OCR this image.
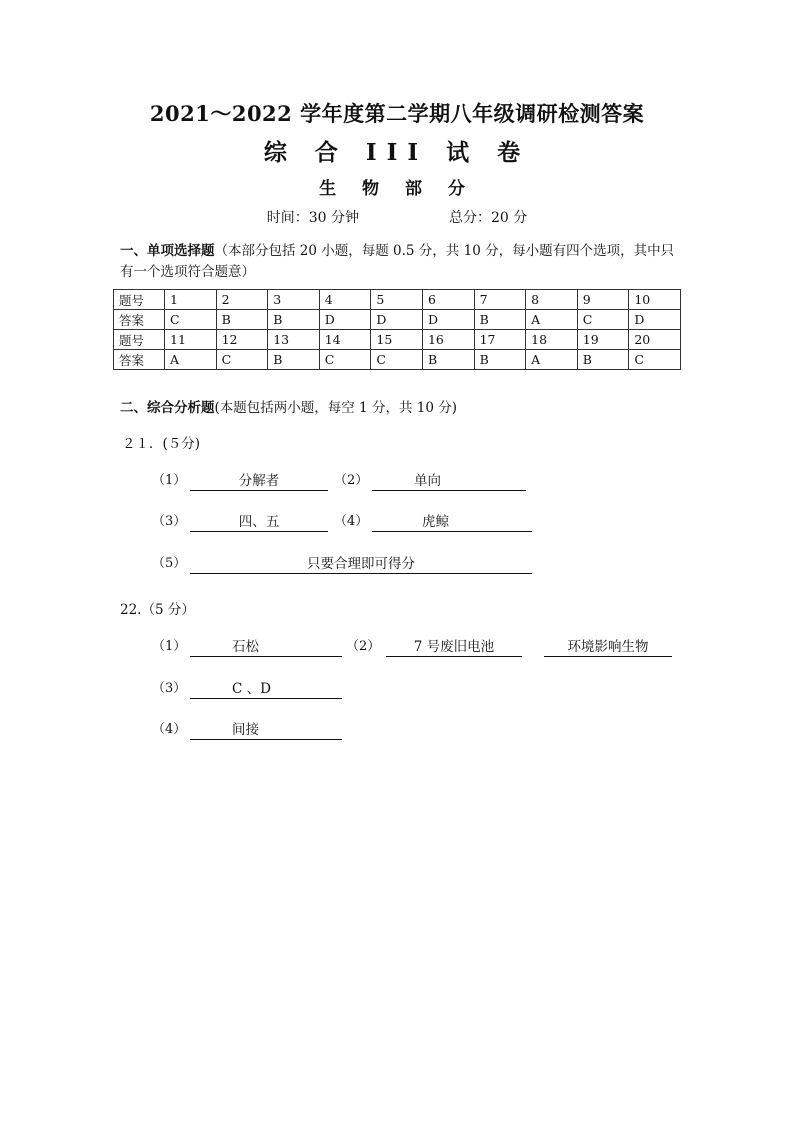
2021～2022 学年度第二学期八年级调研检测答案
综 合 III 试 卷
生 物 部 分
时间：30 分钟	总分：20 分
一、单项选择题（本部分包括 20 小题，每题 0.5 分，共 10 分，每小题有四个选项，其中只有一个选项符合题意）
题号	1	2	3	4	5	6	7	8	9	10
答案	C	B	B	D	D	D	B	A	C	D
题号	11	12	13	14	15	16	17	18	19	20
答案	A	C	B	C	C	B	B	A	B	C
二、综合分析题(本题包括两小题，每空 1 分，共 10 分)
２１．(５分)
（1）	分解者	（2）	单向
（3）	四、五	（4）	虎鲸
（5）	只要合理即可得分
22.（5 分）
（1）	石松	（2）	7 号废旧电池	环境影响生物
（3）	C 、D
（4）	间接
